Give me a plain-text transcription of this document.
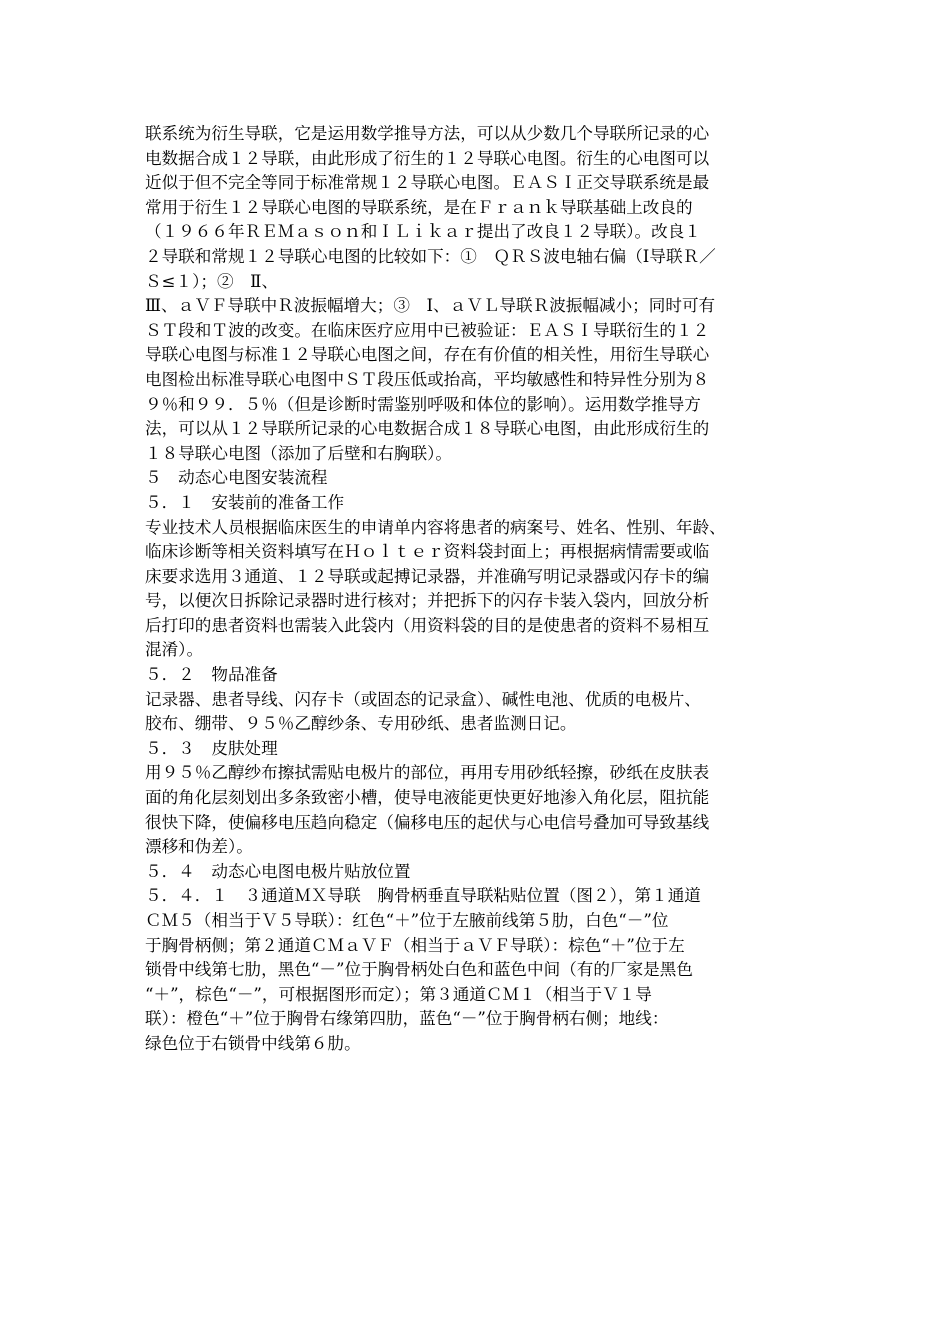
联系统为衍生导联，它是运用数学推导方法，可以从少数几个导联所记录的心
电数据合成１２导联，由此形成了衍生的１２导联心电图。衍生的心电图可以
近似于但不完全等同于标准常规１２导联心电图。ＥＡＳＩ正交导联系统是最
常用于衍生１２导联心电图的导联系统，是在Ｆｒａｎｋ导联基础上改良的
（１９６６年ＲＥＭａｓｏｎ和ＩＬｉｋａｒ提出了改良１２导联）。改良１
２导联和常规１２导联心电图的比较如下：①　ＱＲＳ波电轴右偏（Ⅰ导联Ｒ／
Ｓ≤１）；②　Ⅱ、
Ⅲ、ａＶＦ导联中Ｒ波振幅增大；③　Ⅰ、ａＶＬ导联Ｒ波振幅减小；同时可有
ＳＴ段和Ｔ波的改变。在临床医疗应用中已被验证：ＥＡＳＩ导联衍生的１２
导联心电图与标准１２导联心电图之间，存在有价值的相关性，用衍生导联心
电图检出标准导联心电图中ＳＴ段压低或抬高，平均敏感性和特异性分别为８
９％和９９．５％（但是诊断时需鉴别呼吸和体位的影响）。运用数学推导方
法，可以从１２导联所记录的心电数据合成１８导联心电图，由此形成衍生的
１８导联心电图（添加了后壁和右胸联）。
５　动态心电图安装流程
５．１　安装前的准备工作
专业技术人员根据临床医生的申请单内容将患者的病案号、姓名、性别、年龄、
临床诊断等相关资料填写在Ｈｏｌｔｅｒ资料袋封面上；再根据病情需要或临
床要求选用３通道、１２导联或起搏记录器，并准确写明记录器或闪存卡的编
号，以便次日拆除记录器时进行核对；并把拆下的闪存卡装入袋内，回放分析
后打印的患者资料也需装入此袋内（用资料袋的目的是使患者的资料不易相互
混淆）。
５．２　物品准备
记录器、患者导线、闪存卡（或固态的记录盒）、碱性电池、优质的电极片、
胶布、绷带、９５％乙醇纱条、专用砂纸、患者监测日记。
５．３　皮肤处理
用９５％乙醇纱布擦拭需贴电极片的部位，再用专用砂纸轻擦，砂纸在皮肤表
面的角化层刻划出多条致密小槽，使导电液能更快更好地渗入角化层，阻抗能
很快下降，使偏移电压趋向稳定（偏移电压的起伏与心电信号叠加可导致基线
漂移和伪差）。
５．４　动态心电图电极片贴放位置
５．４．１　３通道ＭＸ导联　胸骨柄垂直导联粘贴位置（图２），第１通道
ＣＭ５（相当于Ｖ５导联）：红色“＋”位于左腋前线第５肋，白色“－”位
于胸骨柄侧；第２通道ＣＭａＶＦ（相当于ａＶＦ导联）：棕色“＋”位于左
锁骨中线第七肋，黑色“－”位于胸骨柄处白色和蓝色中间（有的厂家是黑色
“＋”，棕色“－”，可根据图形而定）；第３通道ＣＭ１（相当于Ｖ１导
联）：橙色“＋”位于胸骨右缘第四肋，蓝色“－”位于胸骨柄右侧；地线：
绿色位于右锁骨中线第６肋。
